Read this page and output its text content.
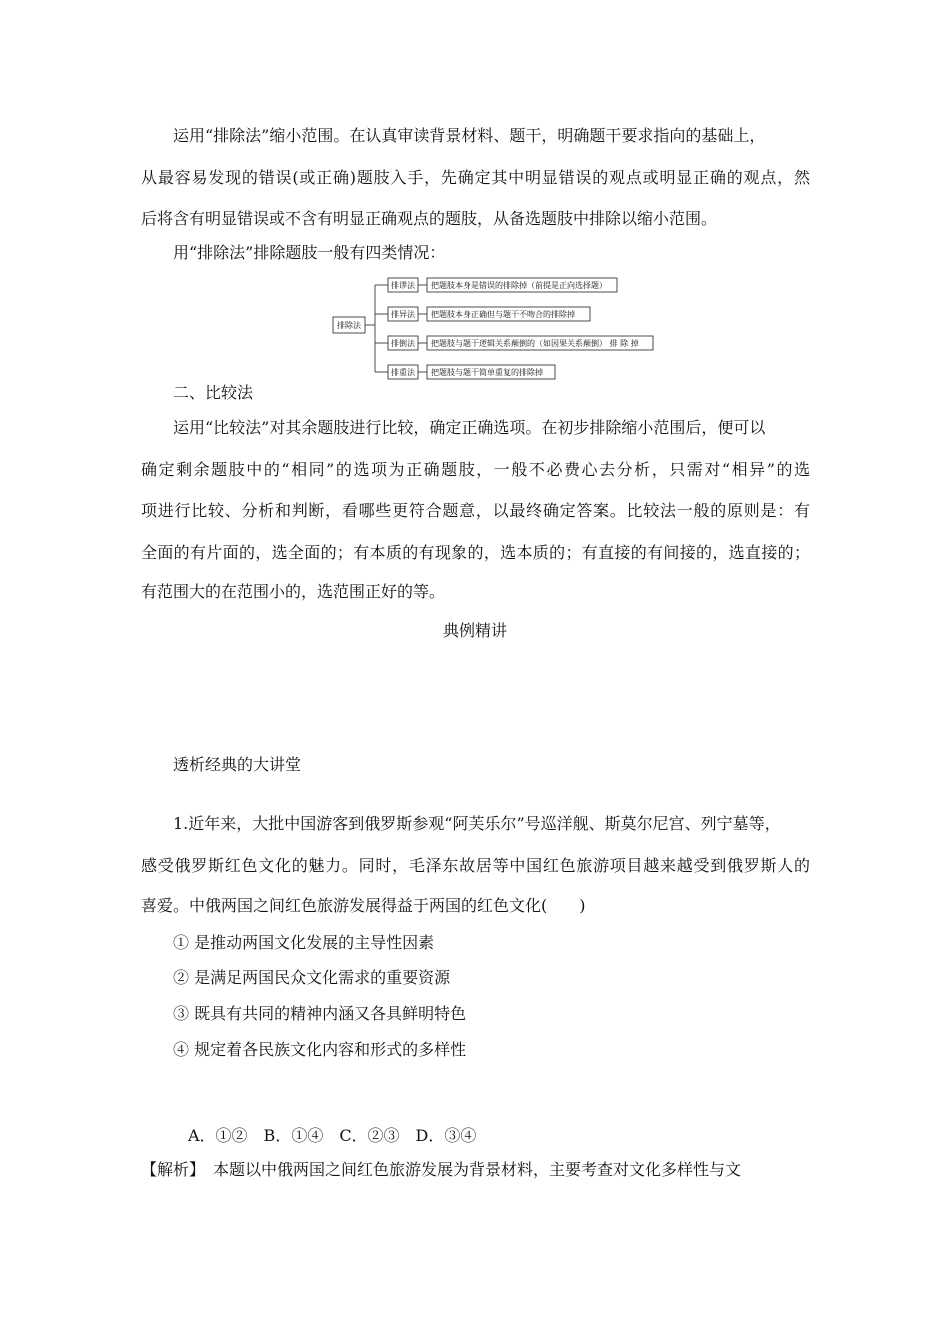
运用“排除法”缩小范围。在认真审读背景材料、题干，明确题干要求指向的基础上，
从最容易发现的错误(或正确)题肢入手，先确定其中明显错误的观点或明显正确的观点，然
后将含有明显错误或不含有明显正确观点的题肢，从备选题肢中排除以缩小范围。
用“排除法”排除题肢一般有四类情况：
排除法
排谬法 把题肢本身是错误的排除掉（前提是正向选择题）
排异法 把题肢本身正确但与题干不吻合的排除掉
排倒法 把题肢与题干逻辑关系颠倒的（如因果关系颠倒） 排 除 掉
排重法 把题肢与题干简单重复的排除掉
二、比较法
运用“比较法”对其余题肢进行比较，确定正确选项。在初步排除缩小范围后，便可以
确定剩余题肢中的“相同”的选项为正确题肢，一般不必费心去分析，只需对“相异”的选
项进行比较、分析和判断，看哪些更符合题意，以最终确定答案。比较法一般的原则是：有
全面的有片面的，选全面的；有本质的有现象的，选本质的；有直接的有间接的，选直接的；
有范围大的在范围小的，选范围正好的等。
典例精讲
透析经典的大讲堂
1.近年来，大批中国游客到俄罗斯参观“阿芙乐尔”号巡洋舰、斯莫尔尼宫、列宁墓等，
感受俄罗斯红色文化的魅力。同时，毛泽东故居等中国红色旅游项目越来越受到俄罗斯人的
喜爱。中俄两国之间红色旅游发展得益于两国的红色文化(　　)
① 是推动两国文化发展的主导性因素
② 是满足两国民众文化需求的重要资源
③ 既具有共同的精神内涵又各具鲜明特色
④ 规定着各民族文化内容和形式的多样性
A．①②　B．①④　C．②③　D．③④
【解析】　本题以中俄两国之间红色旅游发展为背景材料，主要考查对文化多样性与文
